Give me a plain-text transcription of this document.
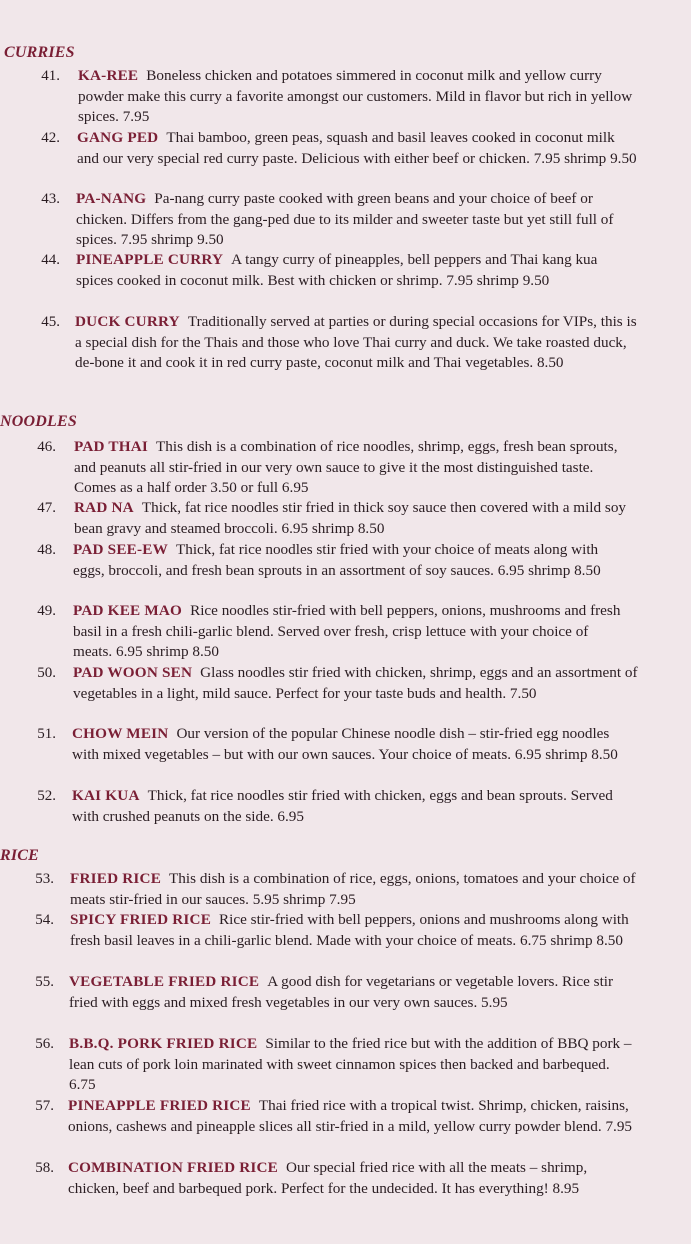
CURRIES
41. KA-REE Boneless chicken and potatoes simmered in coconut milk and yellow curry powder make this curry a favorite amongst our customers. Mild in flavor but rich in yellow spices. 7.95
42. GANG PED Thai bamboo, green peas, squash and basil leaves cooked in coconut milk and our very special red curry paste. Delicious with either beef or chicken. 7.95 shrimp 9.50
43. PA-NANG Pa-nang curry paste cooked with green beans and your choice of beef or chicken. Differs from the gang-ped due to its milder and sweeter taste but yet still full of spices. 7.95 shrimp 9.50
44. PINEAPPLE CURRY A tangy curry of pineapples, bell peppers and Thai kang kua spices cooked in coconut milk. Best with chicken or shrimp. 7.95 shrimp 9.50
45. DUCK CURRY Traditionally served at parties or during special occasions for VIPs, this is a special dish for the Thais and those who love Thai curry and duck. We take roasted duck, de-bone it and cook it in red curry paste, coconut milk and Thai vegetables. 8.50
NOODLES
46. PAD THAI This dish is a combination of rice noodles, shrimp, eggs, fresh bean sprouts, and peanuts all stir-fried in our very own sauce to give it the most distinguished taste. Comes as a half order 3.50 or full 6.95
47. RAD NA Thick, fat rice noodles stir fried in thick soy sauce then covered with a mild soy bean gravy and steamed broccoli. 6.95 shrimp 8.50
48. PAD SEE-EW Thick, fat rice noodles stir fried with your choice of meats along with eggs, broccoli, and fresh bean sprouts in an assortment of soy sauces. 6.95 shrimp 8.50
49. PAD KEE MAO Rice noodles stir-fried with bell peppers, onions, mushrooms and fresh basil in a fresh chili-garlic blend. Served over fresh, crisp lettuce with your choice of meats. 6.95 shrimp 8.50
50. PAD WOON SEN Glass noodles stir fried with chicken, shrimp, eggs and an assortment of vegetables in a light, mild sauce. Perfect for your taste buds and health. 7.50
51. CHOW MEIN Our version of the popular Chinese noodle dish – stir-fried egg noodles with mixed vegetables – but with our own sauces. Your choice of meats. 6.95 shrimp 8.50
52. KAI KUA Thick, fat rice noodles stir fried with chicken, eggs and bean sprouts. Served with crushed peanuts on the side. 6.95
RICE
53. FRIED RICE This dish is a combination of rice, eggs, onions, tomatoes and your choice of meats stir-fried in our sauces. 5.95 shrimp 7.95
54. SPICY FRIED RICE Rice stir-fried with bell peppers, onions and mushrooms along with fresh basil leaves in a chili-garlic blend. Made with your choice of meats. 6.75 shrimp 8.50
55. VEGETABLE FRIED RICE A good dish for vegetarians or vegetable lovers. Rice stir fried with eggs and mixed fresh vegetables in our very own sauces. 5.95
56. B.B.Q. PORK FRIED RICE Similar to the fried rice but with the addition of BBQ pork – lean cuts of pork loin marinated with sweet cinnamon spices then backed and barbequed. 6.75
57. PINEAPPLE FRIED RICE Thai fried rice with a tropical twist. Shrimp, chicken, raisins, onions, cashews and pineapple slices all stir-fried in a mild, yellow curry powder blend. 7.95
58. COMBINATION FRIED RICE Our special fried rice with all the meats – shrimp, chicken, beef and barbequed pork. Perfect for the undecided. It has everything! 8.95
